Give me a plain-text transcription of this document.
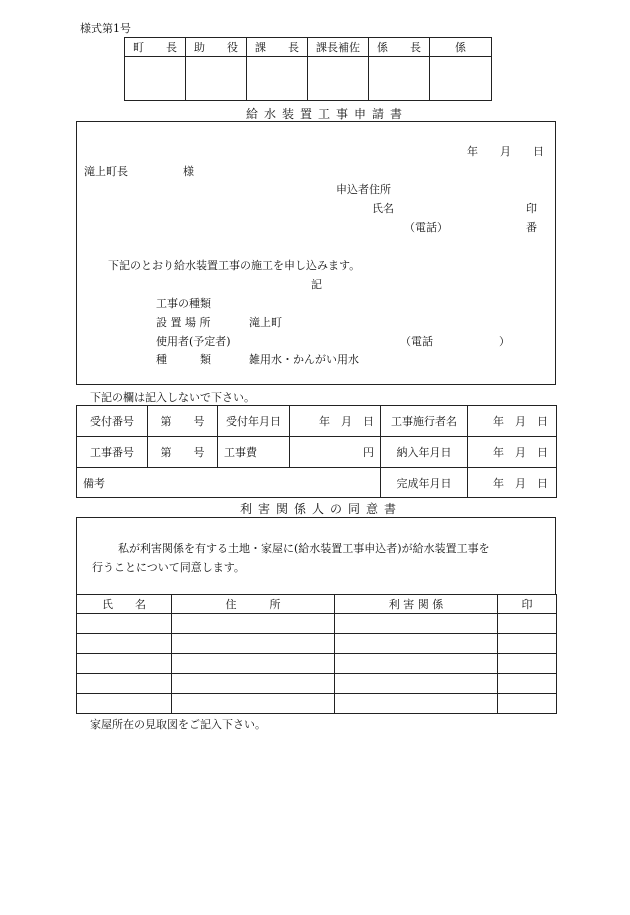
様式第1号
町　　長	助　　役	課　　長	課長補佐	係　　長	係

給水装置工事申請書
年　　月　　日
滝上町長　　　　　様
申込者住所
氏名	印
（電話）	番
下記のとおり給水装置工事の施工を申し込みます。
記
工事の種類
設 置 場 所	滝上町
使用者(予定者)	（電話　　　　　　）
種　　　類	雑用水・かんがい用水
下記の欄は記入しないで下さい。
受付番号	第　　号	受付年月日	年　月　日	工事施行者名	年　月　日
工事番号	第　　号	工事費	円	納入年月日	年　月　日
備考				完成年月日	年　月　日
利害関係人の同意書
私が利害関係を有する土地・家屋に(給水装置工事申込者)が給水装置工事を
行うことについて同意します。
氏　　名	住　　　所	利 害 関 係	印

家屋所在の見取図をご記入下さい。
